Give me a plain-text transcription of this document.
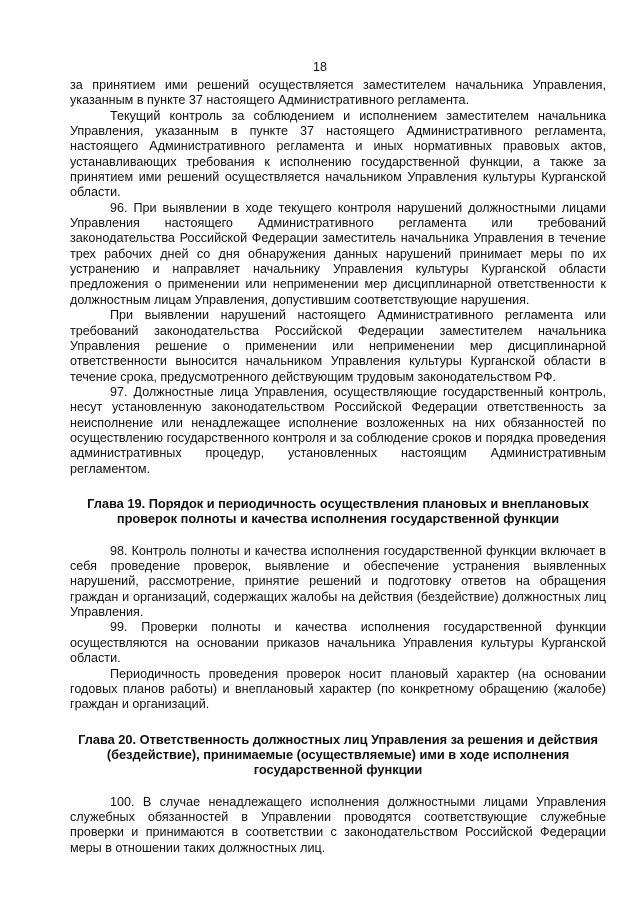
18

за принятием ими решений осуществляется заместителем начальника Управления, указанным в пункте 37 настоящего Административного регламента.

Текущий контроль за соблюдением и исполнением заместителем начальника Управления, указанным в пункте 37 настоящего Административного регламента, настоящего Административного регламента и иных нормативных правовых актов, устанавливающих требования к исполнению государственной функции, а также за принятием ими решений осуществляется начальником Управления культуры Курганской области.

96. При выявлении в ходе текущего контроля нарушений должностными лицами Управления настоящего Административного регламента или требований законодательства Российской Федерации заместитель начальника Управления в течение трех рабочих дней со дня обнаружения данных нарушений принимает меры по их устранению и направляет начальнику Управления культуры Курганской области предложения о применении или неприменении мер дисциплинарной ответственности к должностным лицам Управления, допустившим соответствующие нарушения.

При выявлении нарушений настоящего Административного регламента или требований законодательства Российской Федерации заместителем начальника Управления решение о применении или неприменении мер дисциплинарной ответственности выносится начальником Управления культуры Курганской области в течение срока, предусмотренного действующим трудовым законодательством РФ.

97. Должностные лица Управления, осуществляющие государственный контроль, несут установленную законодательством Российской Федерации ответственность за неисполнение или ненадлежащее исполнение возложенных на них обязанностей по осуществлению государственного контроля и за соблюдение сроков и порядка проведения административных процедур, установленных настоящим Административным регламентом.

Глава 19. Порядок и периодичность осуществления плановых и внеплановых проверок полноты и качества исполнения государственной функции

98. Контроль полноты и качества исполнения государственной функции включает в себя проведение проверок, выявление и обеспечение устранения выявленных нарушений, рассмотрение, принятие решений и подготовку ответов на обращения граждан и организаций, содержащих жалобы на действия (бездействие) должностных лиц Управления.

99. Проверки полноты и качества исполнения государственной функции осуществляются на основании приказов начальника Управления культуры Курганской области.

Периодичность проведения проверок носит плановый характер (на основании годовых планов работы) и внеплановый характер (по конкретному обращению (жалобе) граждан и организаций.

Глава 20. Ответственность должностных лиц Управления за решения и действия (бездействие), принимаемые (осуществляемые) ими в ходе исполнения государственной функции

100. В случае ненадлежащего исполнения должностными лицами Управления служебных обязанностей в Управлении проводятся соответствующие служебные проверки и принимаются в соответствии с законодательством Российской Федерации меры в отношении таких должностных лиц.
